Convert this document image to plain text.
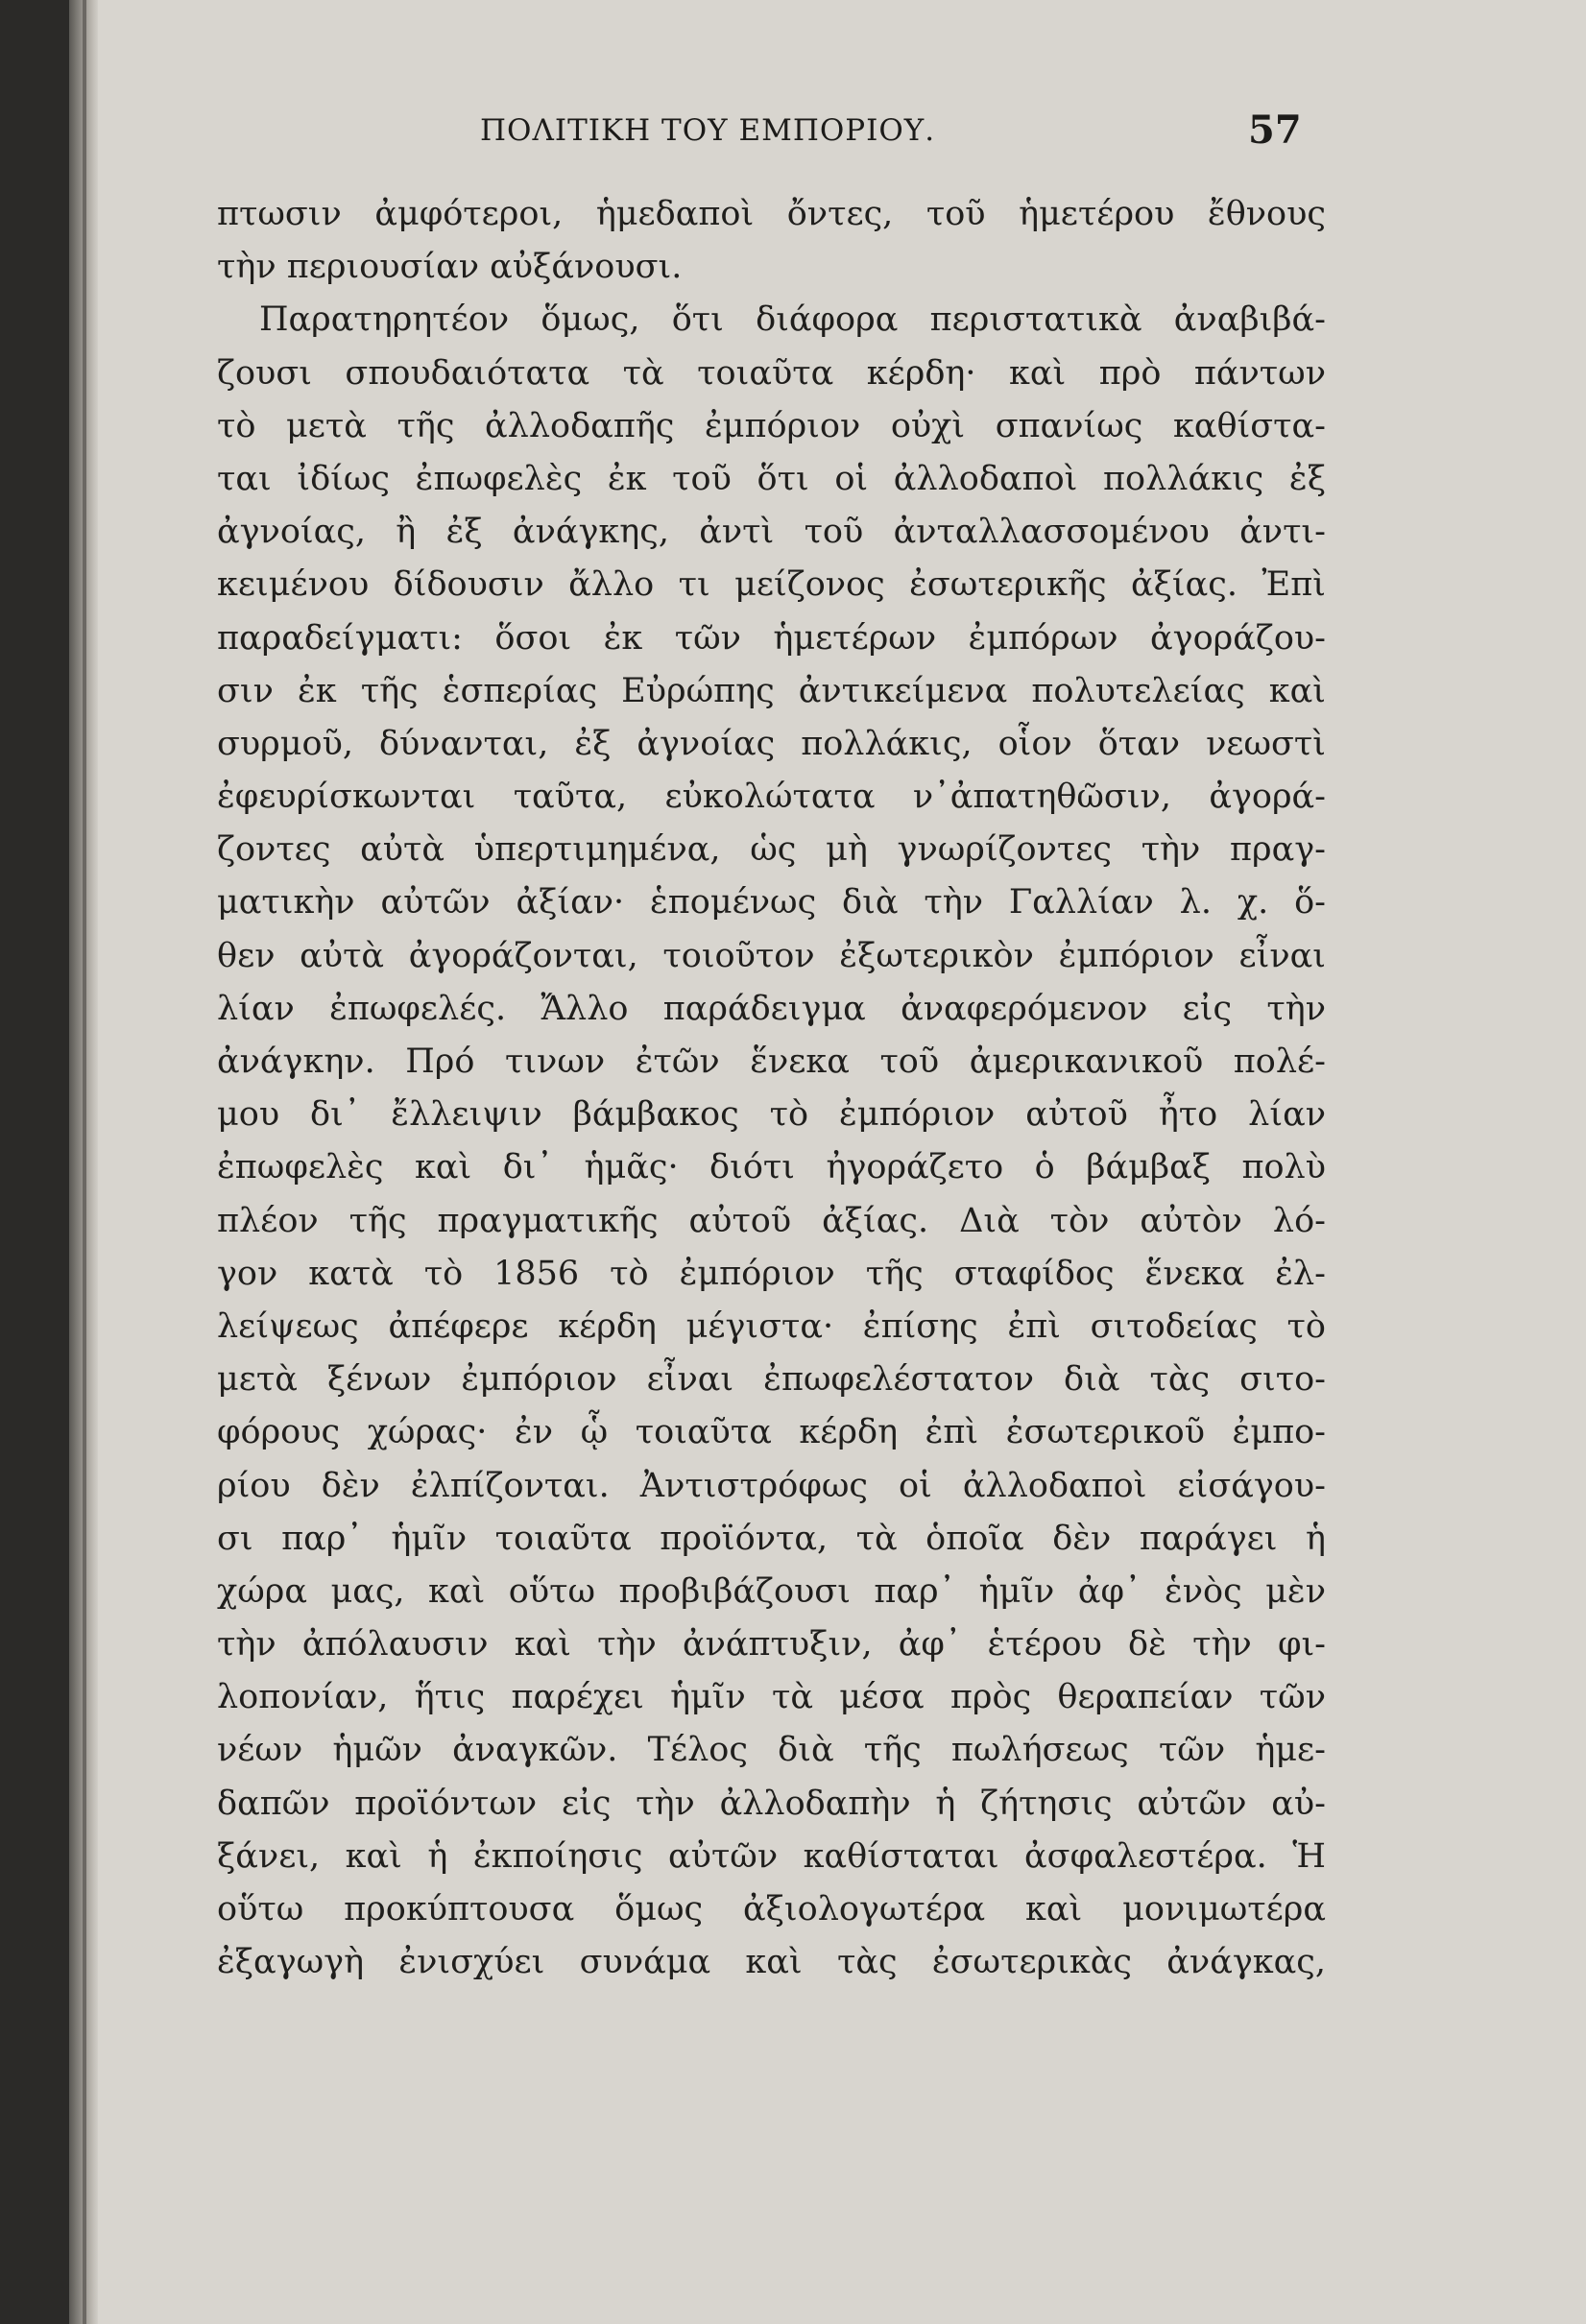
ΠΟΛΙΤΙΚΗ ΤΟΥ ΕΜΠΟΡΙΟΥ.	57
πτωσιν ἀμφότεροι, ἡμεδαποὶ ὄντες, τοῦ ἡμετέρου ἔθνους
τὴν περιουσίαν αὐξάνουσι.
Παρατηρητέον ὅμως, ὅτι διάφορα περιστατικὰ ἀναβιβά-
ζουσι σπουδαιότατα τὰ τοιαῦτα κέρδη· καὶ πρὸ πάντων
τὸ μετὰ τῆς ἀλλοδαπῆς ἐμπόριον οὐχὶ σπανίως καθίστα-
ται ἰδίως ἐπωφελὲς ἐκ τοῦ ὅτι οἱ ἀλλοδαποὶ πολλάκις ἐξ
ἀγνοίας, ἢ ἐξ ἀνάγκης, ἀντὶ τοῦ ἀνταλλασσομένου ἀντι-
κειμένου δίδουσιν ἄλλο τι μείζονος ἐσωτερικῆς ἀξίας. Ἐπὶ
παραδείγματι: ὅσοι ἐκ τῶν ἡμετέρων ἐμπόρων ἀγοράζου-
σιν ἐκ τῆς ἑσπερίας Εὐρώπης ἀντικείμενα πολυτελείας καὶ
συρμοῦ, δύνανται, ἐξ ἀγνοίας πολλάκις, οἷον ὅταν νεωστὶ
ἐφευρίσκωνται ταῦτα, εὐκολώτατα ν᾽ἀπατηθῶσιν, ἀγορά-
ζοντες αὐτὰ ὑπερτιμημένα, ὡς μὴ γνωρίζοντες τὴν πραγ-
ματικὴν αὐτῶν ἀξίαν· ἑπομένως διὰ τὴν Γαλλίαν λ. χ. ὅ-
θεν αὐτὰ ἀγοράζονται, τοιοῦτον ἐξωτερικὸν ἐμπόριον εἶναι
λίαν ἐπωφελές. Ἄλλο παράδειγμα ἀναφερόμενον εἰς τὴν
ἀνάγκην. Πρό τινων ἐτῶν ἕνεκα τοῦ ἀμερικανικοῦ πολέ-
μου δι᾽ ἔλλειψιν βάμβακος τὸ ἐμπόριον αὐτοῦ ἦτο λίαν
ἐπωφελὲς καὶ δι᾽ ἡμᾶς· διότι ἠγοράζετο ὁ βάμβαξ πολὺ
πλέον τῆς πραγματικῆς αὐτοῦ ἀξίας. Διὰ τὸν αὐτὸν λό-
γον κατὰ τὸ 1856 τὸ ἐμπόριον τῆς σταφίδος ἕνεκα ἐλ-
λείψεως ἀπέφερε κέρδη μέγιστα· ἐπίσης ἐπὶ σιτοδείας τὸ
μετὰ ξένων ἐμπόριον εἶναι ἐπωφελέστατον διὰ τὰς σιτο-
φόρους χώρας· ἐν ᾧ τοιαῦτα κέρδη ἐπὶ ἐσωτερικοῦ ἐμπο-
ρίου δὲν ἐλπίζονται. Ἀντιστρόφως οἱ ἀλλοδαποὶ εἰσάγου-
σι παρ᾽ ἡμῖν τοιαῦτα προϊόντα, τὰ ὁποῖα δὲν παράγει ἡ
χώρα μας, καὶ οὕτω προβιβάζουσι παρ᾽ ἡμῖν ἀφ᾽ ἑνὸς μὲν
τὴν ἀπόλαυσιν καὶ τὴν ἀνάπτυξιν, ἀφ᾽ ἑτέρου δὲ τὴν φι-
λοπονίαν, ἥτις παρέχει ἡμῖν τὰ μέσα πρὸς θεραπείαν τῶν
νέων ἡμῶν ἀναγκῶν. Τέλος διὰ τῆς πωλήσεως τῶν ἡμε-
δαπῶν προϊόντων εἰς τὴν ἀλλοδαπὴν ἡ ζήτησις αὐτῶν αὐ-
ξάνει, καὶ ἡ ἐκποίησις αὐτῶν καθίσταται ἀσφαλεστέρα. Ἡ
οὕτω προκύπτουσα ὅμως ἀξιολογωτέρα καὶ μονιμωτέρα
ἐξαγωγὴ ἐνισχύει συνάμα καὶ τὰς ἐσωτερικὰς ἀνάγκας,
